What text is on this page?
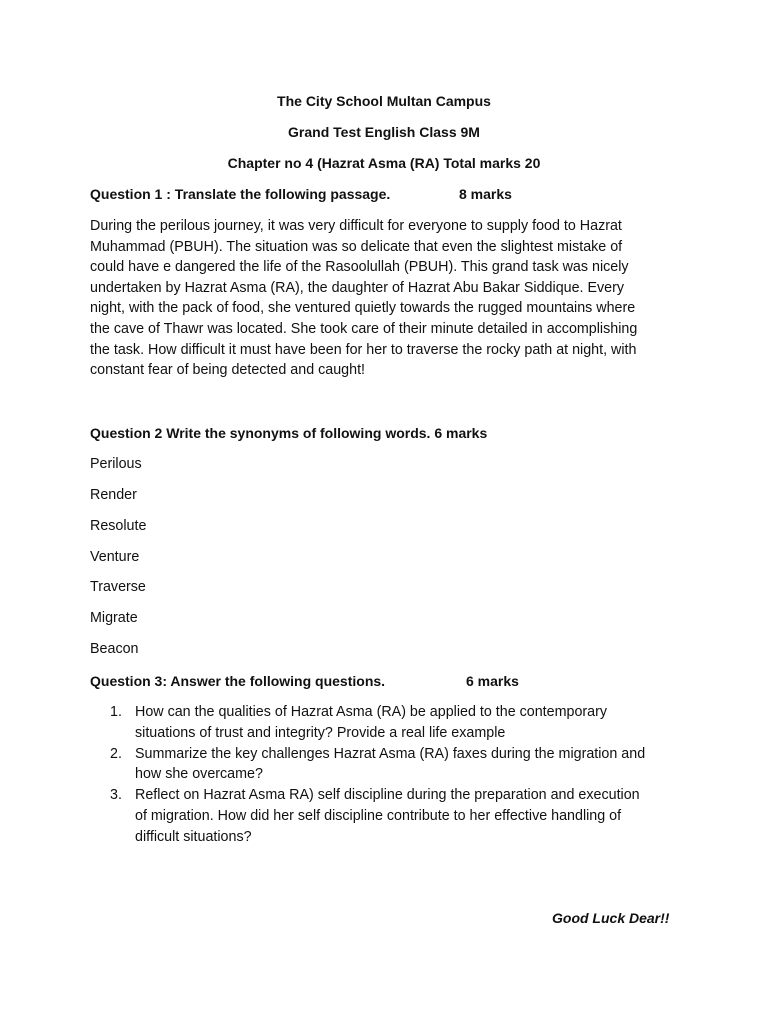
The City School Multan Campus
Grand Test English Class 9M
Chapter no 4 (Hazrat Asma (RA) Total marks 20
Question 1 : Translate the following passage.	8 marks
During the perilous journey, it was very difficult for everyone to supply food to Hazrat
Muhammad (PBUH). The situation was so delicate that even the slightest mistake of
could have e dangered the life of the Rasoolullah (PBUH). This grand task was nicely
undertaken by Hazrat Asma (RA), the daughter of Hazrat Abu Bakar Siddique. Every
night, with the pack of food, she ventured quietly towards the rugged mountains where
the cave of Thawr was located. She took care of their minute detailed in accomplishing
the task. How difficult it must have been for her to traverse the rocky path at night, with
constant fear of being detected and caught!
Question 2 Write the synonyms of following words. 6 marks
Perilous
Render
Resolute
Venture
Traverse
Migrate
Beacon
Question 3: Answer the following questions.	6 marks
1. How can the qualities of Hazrat Asma (RA) be applied to the contemporary
situations of trust and integrity? Provide a real life example
2. Summarize the key challenges Hazrat Asma (RA) faxes during the migration and
how she overcame?
3. Reflect on Hazrat Asma RA) self discipline during the preparation and execution
of migration. How did her self discipline contribute to her effective handling of
difficult situations?
Good Luck Dear!!
